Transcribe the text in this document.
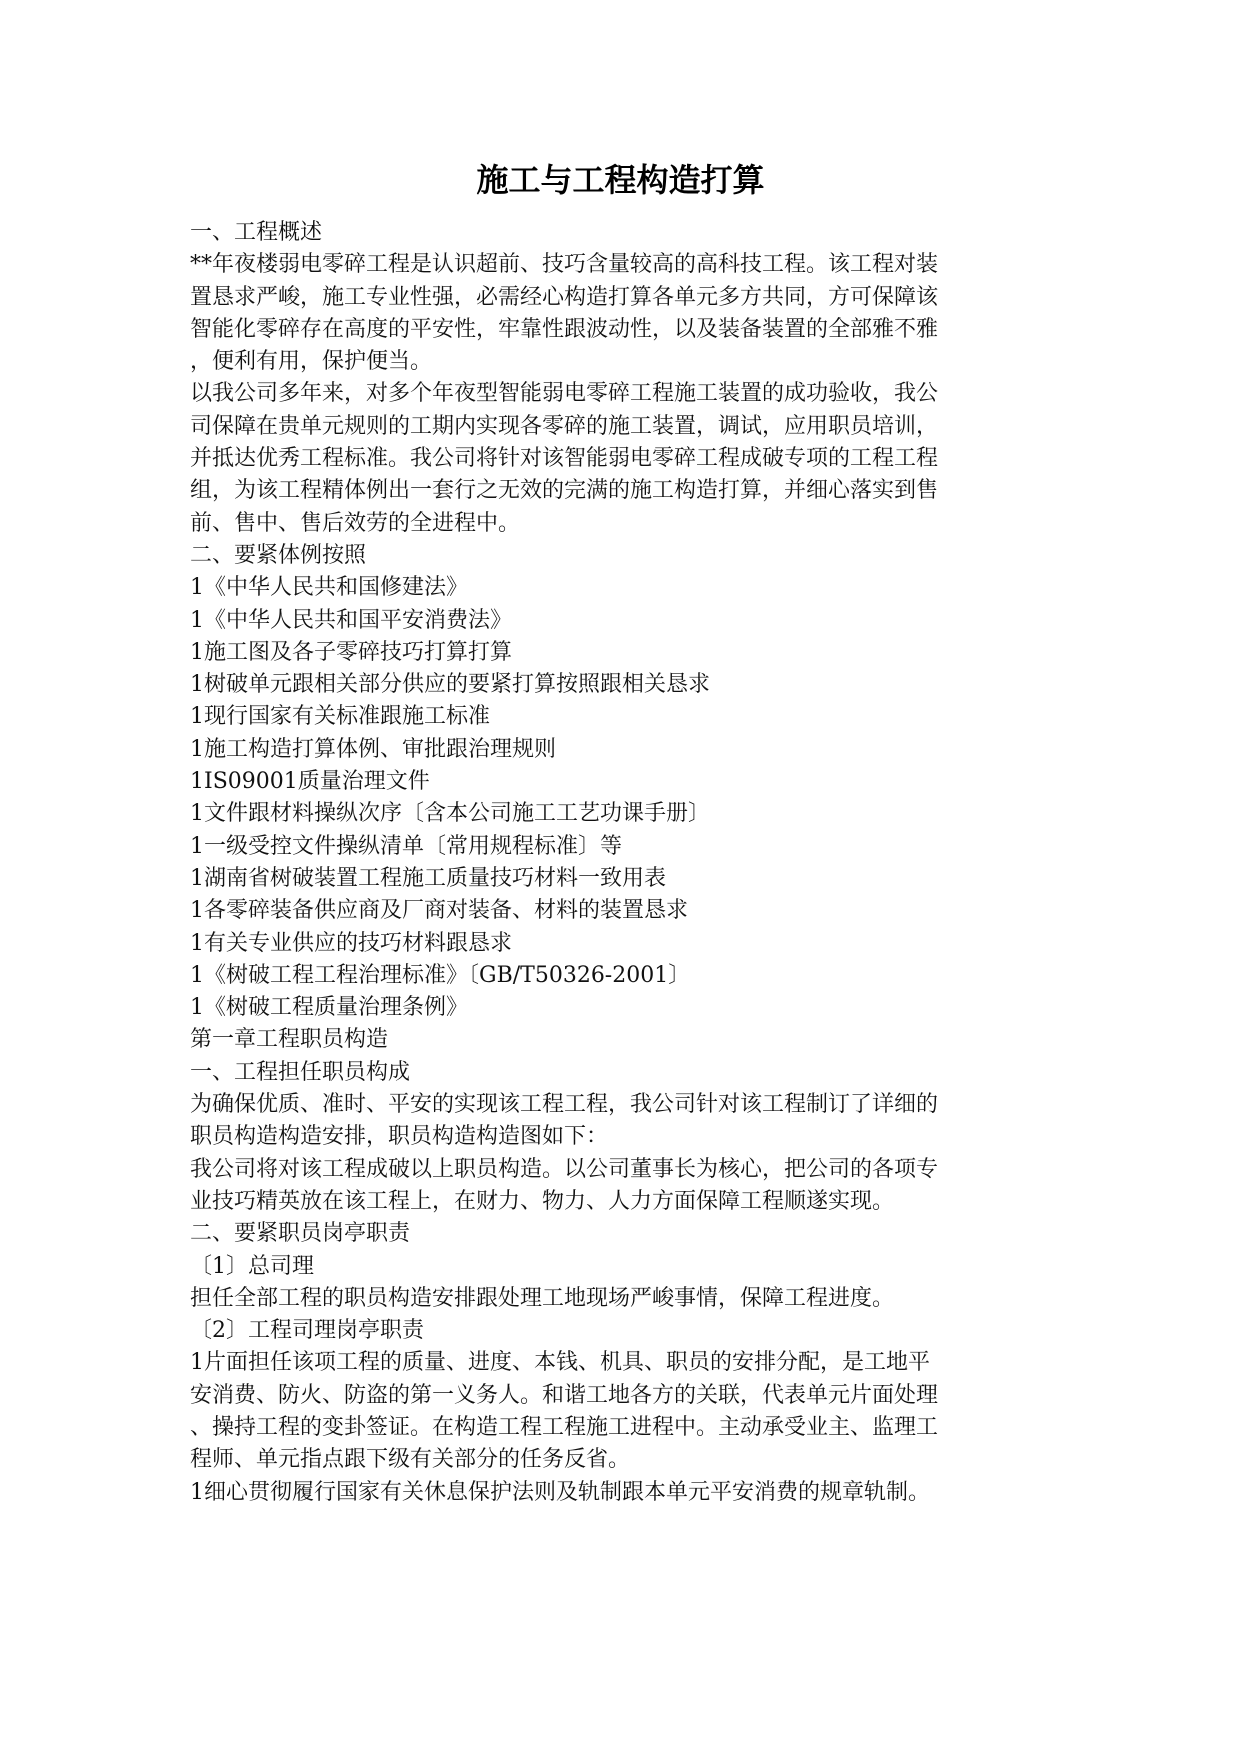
施工与工程构造打算

一、工程概述

**年夜楼弱电零碎工程是认识超前、技巧含量较高的高科技工程。该工程对装
置恳求严峻，施工专业性强，必需经心构造打算各单元多方共同，方可保障该
智能化零碎存在高度的平安性，牢靠性跟波动性，以及装备装置的全部雅不雅
，便利有用，保护便当。

以我公司多年来，对多个年夜型智能弱电零碎工程施工装置的成功验收，我公
司保障在贵单元规则的工期内实现各零碎的施工装置，调试，应用职员培训，
并抵达优秀工程标准。我公司将针对该智能弱电零碎工程成破专项的工程工程
组，为该工程精体例出一套行之无效的完满的施工构造打算，并细心落实到售
前、售中、售后效劳的全进程中。

二、要紧体例按照

1《中华人民共和国修建法》

1《中华人民共和国平安消费法》

1施工图及各子零碎技巧打算打算

1树破单元跟相关部分供应的要紧打算按照跟相关恳求

1现行国家有关标准跟施工标准

1施工构造打算体例、审批跟治理规则

1IS09001质量治理文件

1文件跟材料操纵次序〔含本公司施工工艺功课手册〕

1一级受控文件操纵清单〔常用规程标准〕等

1湖南省树破装置工程施工质量技巧材料一致用表

1各零碎装备供应商及厂商对装备、材料的装置恳求

1有关专业供应的技巧材料跟恳求

1《树破工程工程治理标准》〔GB/T50326-2001〕

1《树破工程质量治理条例》

第一章工程职员构造

一、工程担任职员构成

为确保优质、准时、平安的实现该工程工程，我公司针对该工程制订了详细的
职员构造构造安排，职员构造构造图如下：

我公司将对该工程成破以上职员构造。以公司董事长为核心，把公司的各项专
业技巧精英放在该工程上，在财力、物力、人力方面保障工程顺遂实现。

二、要紧职员岗亭职责

〔1〕总司理

担任全部工程的职员构造安排跟处理工地现场严峻事情，保障工程进度。

〔2〕工程司理岗亭职责

1片面担任该项工程的质量、进度、本钱、机具、职员的安排分配，是工地平
安消费、防火、防盗的第一义务人。和谐工地各方的关联，代表单元片面处理
、操持工程的变卦签证。在构造工程工程施工进程中。主动承受业主、监理工
程师、单元指点跟下级有关部分的任务反省。

1细心贯彻履行国家有关休息保护法则及轨制跟本单元平安消费的规章轨制。
